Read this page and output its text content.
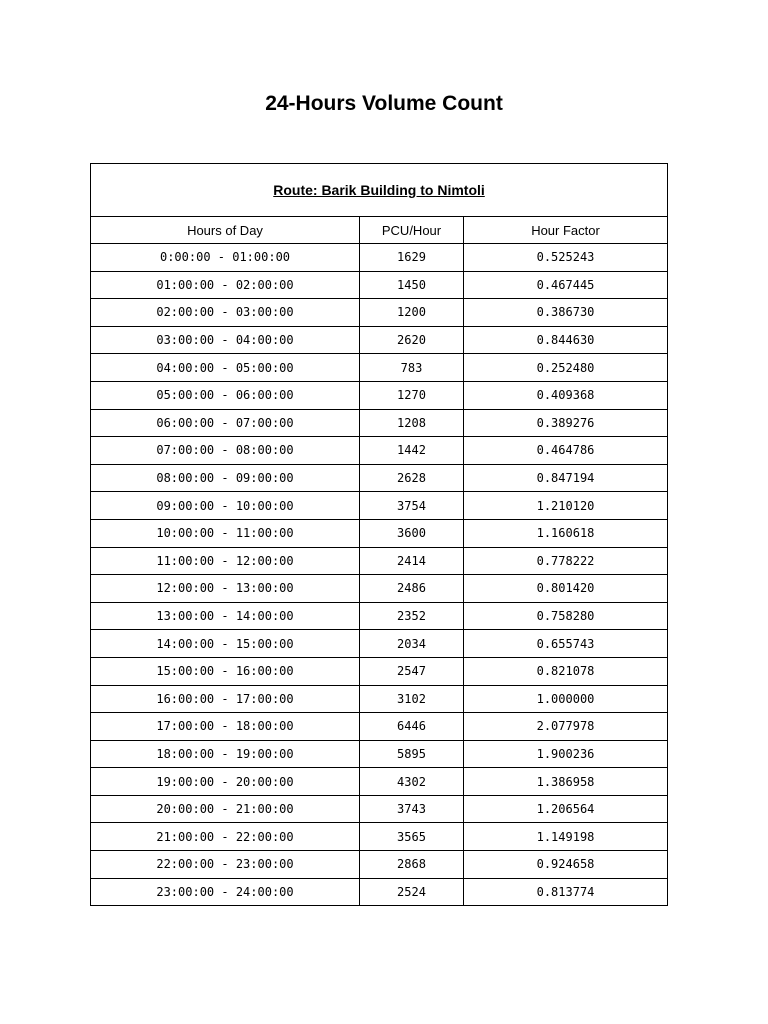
24-Hours Volume Count
Route: Barik Building to Nimtoli		
Hours of Day	PCU/Hour	Hour Factor
0:00:00 - 01:00:00	1629	0.525243
01:00:00 - 02:00:00	1450	0.467445
02:00:00 - 03:00:00	1200	0.386730
03:00:00 - 04:00:00	2620	0.844630
04:00:00 - 05:00:00	783	0.252480
05:00:00 - 06:00:00	1270	0.409368
06:00:00 - 07:00:00	1208	0.389276
07:00:00 - 08:00:00	1442	0.464786
08:00:00 - 09:00:00	2628	0.847194
09:00:00 - 10:00:00	3754	1.210120
10:00:00 - 11:00:00	3600	1.160618
11:00:00 - 12:00:00	2414	0.778222
12:00:00 - 13:00:00	2486	0.801420
13:00:00 - 14:00:00	2352	0.758280
14:00:00 - 15:00:00	2034	0.655743
15:00:00 - 16:00:00	2547	0.821078
16:00:00 - 17:00:00	3102	1.000000
17:00:00 - 18:00:00	6446	2.077978
18:00:00 - 19:00:00	5895	1.900236
19:00:00 - 20:00:00	4302	1.386958
20:00:00 - 21:00:00	3743	1.206564
21:00:00 - 22:00:00	3565	1.149198
22:00:00 - 23:00:00	2868	0.924658
23:00:00 - 24:00:00	2524	0.813774
